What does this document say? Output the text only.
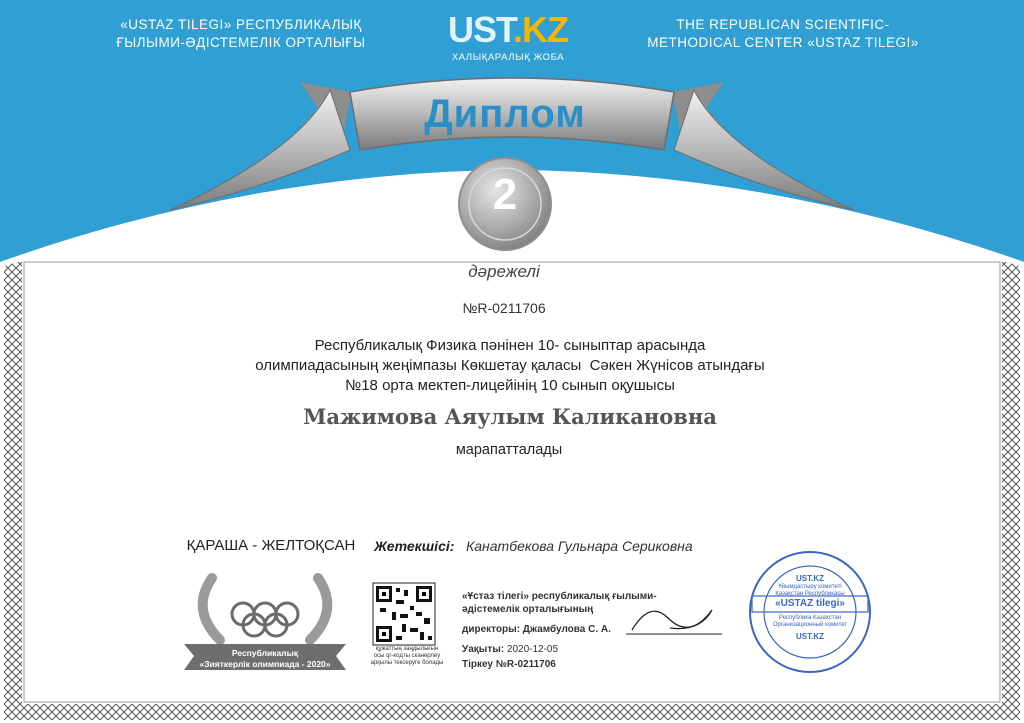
«USTAZ TILEGI» РЕСПУБЛИКАЛЫҚ
ҒЫЛЫМИ-ӘДІСТЕМЕЛІК ОРТАЛЫҒЫ	UST.KZ
ХАЛЫҚАРАЛЫҚ ЖОБА
THE REPUBLICAN SCIENTIFIC-
METHODICAL CENTER «USTAZ TILEGI»
Диплом
2
дәрежелі
№R-0211706
Республикалық Физика пәнінен 10- сыныптар арасында
олимпиадасының жеңімпазы Көкшетау қаласы  Сәкен Жүнісов атындағы
№18 орта мектеп-лицейінің 10 сынып оқушысы
Мажимова Аяулым Каликановна
марапатталады
ҚАРАША - ЖЕЛТОҚСАН	Жетекшісі: Канатбекова Гульнара Сериковна
Республикалық
«Зияткерлік олимпиада - 2020»
құжаттың заңдылығын
осы qr-кодты сканерлеу
арқылы тексеруге болады
«Ұстаз тілегі» республикалық ғылыми-
әдістемелік орталығының
директоры: Джамбулова С. А.
Уақыты: 2020-12-05
Тіркеу №R-0211706
UST.KZ
Ұйымдастыру комитеті
Қазақстан Республикасы
«USTAZ tilegi»
Республика Казахстан
Организационный комитет
UST.KZ
